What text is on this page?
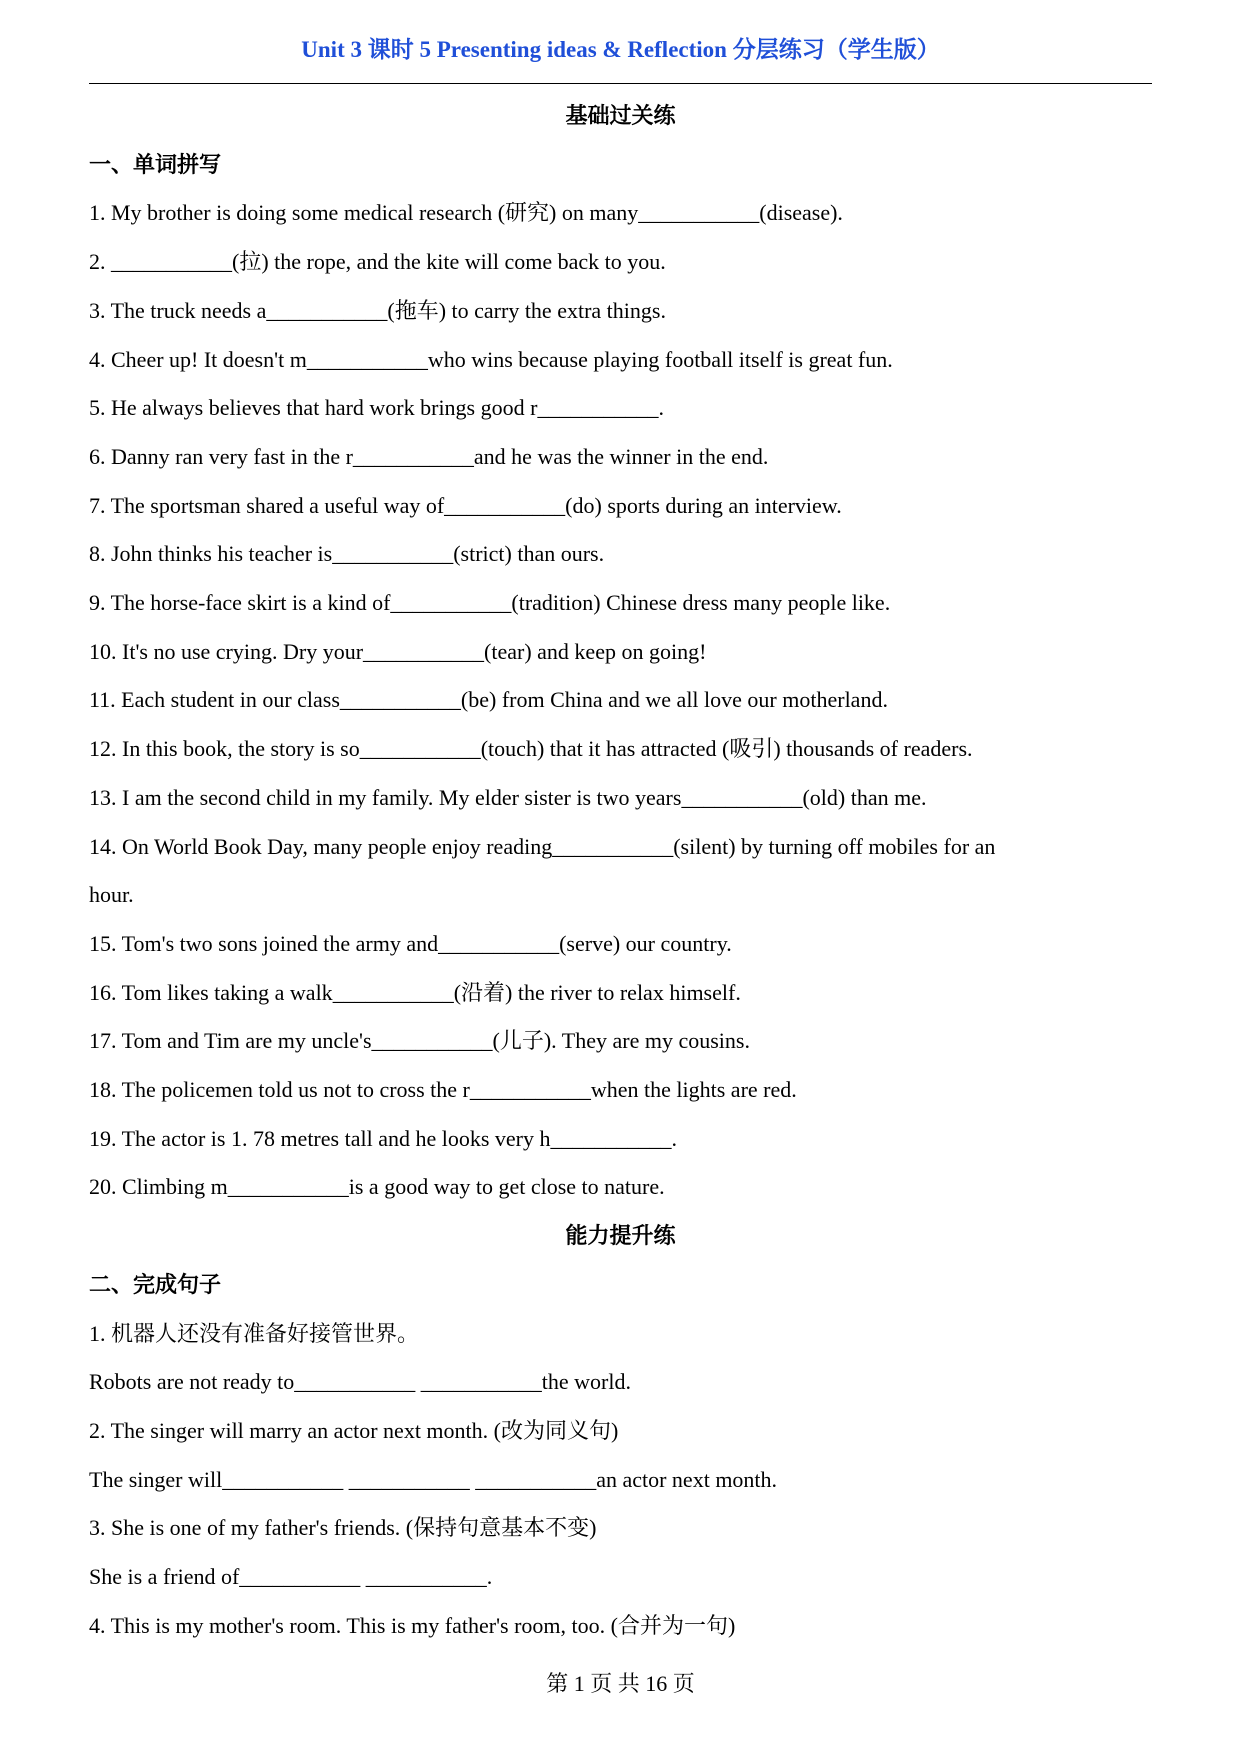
Unit 3 课时 5 Presenting ideas & Reflection 分层练习（学生版）
基础过关练
一、单词拼写
1. My brother is doing some medical research (研究) on many___________(disease).
2. ___________(拉) the rope, and the kite will come back to you.
3. The truck needs a___________(拖车) to carry the extra things.
4. Cheer up! It doesn't m___________who wins because playing football itself is great fun.
5. He always believes that hard work brings good r___________.
6. Danny ran very fast in the r___________and he was the winner in the end.
7. The sportsman shared a useful way of___________(do) sports during an interview.
8. John thinks his teacher is___________(strict) than ours.
9. The horse-face skirt is a kind of___________(tradition) Chinese dress many people like.
10. It's no use crying. Dry your___________(tear) and keep on going!
11. Each student in our class___________(be) from China and we all love our motherland.
12. In this book, the story is so___________(touch) that it has attracted (吸引) thousands of readers.
13. I am the second child in my family. My elder sister is two years___________(old) than me.
14. On World Book Day, many people enjoy reading___________(silent) by turning off mobiles for an
hour.
15. Tom's two sons joined the army and___________(serve) our country.
16. Tom likes taking a walk___________(沿着) the river to relax himself.
17. Tom and Tim are my uncle's___________(儿子). They are my cousins.
18. The policemen told us not to cross the r___________when the lights are red.
19. The actor is 1. 78 metres tall and he looks very h___________.
20. Climbing m___________is a good way to get close to nature.
能力提升练
二、完成句子
1. 机器人还没有准备好接管世界。
Robots are not ready to___________ ___________the world.
2. The singer will marry an actor next month. (改为同义句)
The singer will___________ ___________ ___________an actor next month.
3. She is one of my father's friends. (保持句意基本不变)
She is a friend of___________ ___________.
4. This is my mother's room. This is my father's room, too. (合并为一句)
第 1 页 共 16 页
